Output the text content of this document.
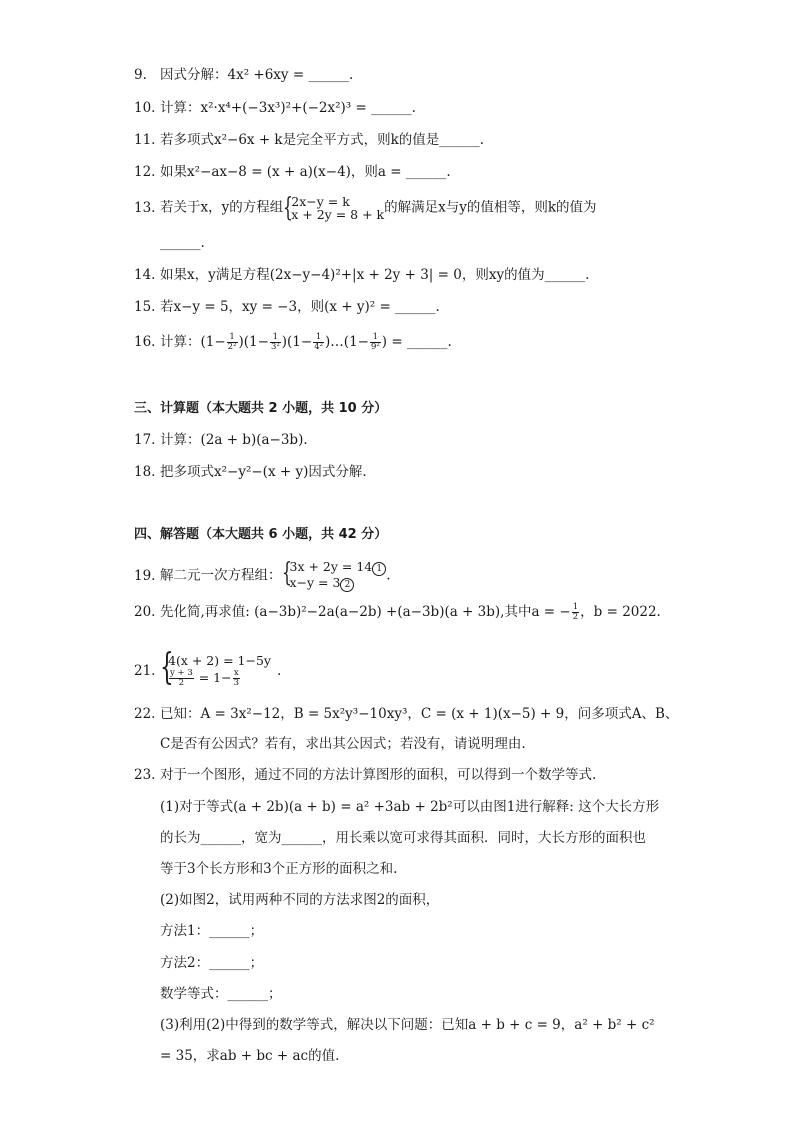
9. 因式分解：4x² +6xy = ______.
10. 计算：x²·x⁴+(−3x³)²+(−2x²)³ = ______.
11. 若多项式x²−6x + k是完全平方式，则k的值是______.
12. 如果x²−ax−8 = (x + a)(x−4)，则a = ______.
13. 若关于x，y的方程组 {
2x−y = k
x + 2y = 8 + k 的解满足x与y的值相等，则k的值为
______.
14. 如果x，y满足方程(2x−y−4)²+|x + 2y + 3| = 0，则xy的值为______.
15. 若x−y = 5，xy = −3，则(x + y)² = ______.
16. 计算：$(1- \frac{1}{\text{2²}} )(1- \frac{1}{\text{3²}} )(1- \frac{1}{\text{4²}}$ )…(1− $\frac{1}{\text{9²}}$ ) = ______.
三、计算题（本大题共 2 小题，共 10 分）
17. 计算：(2a + b)(a−3b).
18. 把多项式x²−y²−(x + y)因式分解.
四、解答题（本大题共 6 小题，共 42 分）
19. 解二元一次方程组： {
3x + 2y = 14 1
x−y = 3 2
.
20. 先化简,再求值: (a−3b)²−2a(a−2b) +(a−3b)(a + 3b),其中a = − $\frac{1}{2}$ ，b = 2022.
21. {
4(x + 2) = 1−5y
$\frac{y + 3}{2} = 1- \frac{x}{3}$	.
22. 已知：A = 3x²−12，B = 5x²y³−10xy³，C = (x + 1)(x−5) + 9，问多项式A、B、
C是否有公因式？若有，求出其公因式；若没有，请说明理由.
23. 对于一个图形，通过不同的方法计算图形的面积，可以得到一个数学等式.
(1)对于等式(a + 2b)(a + b) = a² +3ab + 2b²可以由图1进行解释: 这个大长方形
的长为______，宽为______，用长乘以宽可求得其面积．同时，大长方形的面积也
等于3个长方形和3个正方形的面积之和.
(2)如图2，试用两种不同的方法求图2的面积，
方法1：______；
方法2：______；
数学等式：______；
(3)利用(2)中得到的数学等式，解决以下问题：已知a + b + c = 9，a² + b² + c²
= 35，求ab + bc + ac的值.
